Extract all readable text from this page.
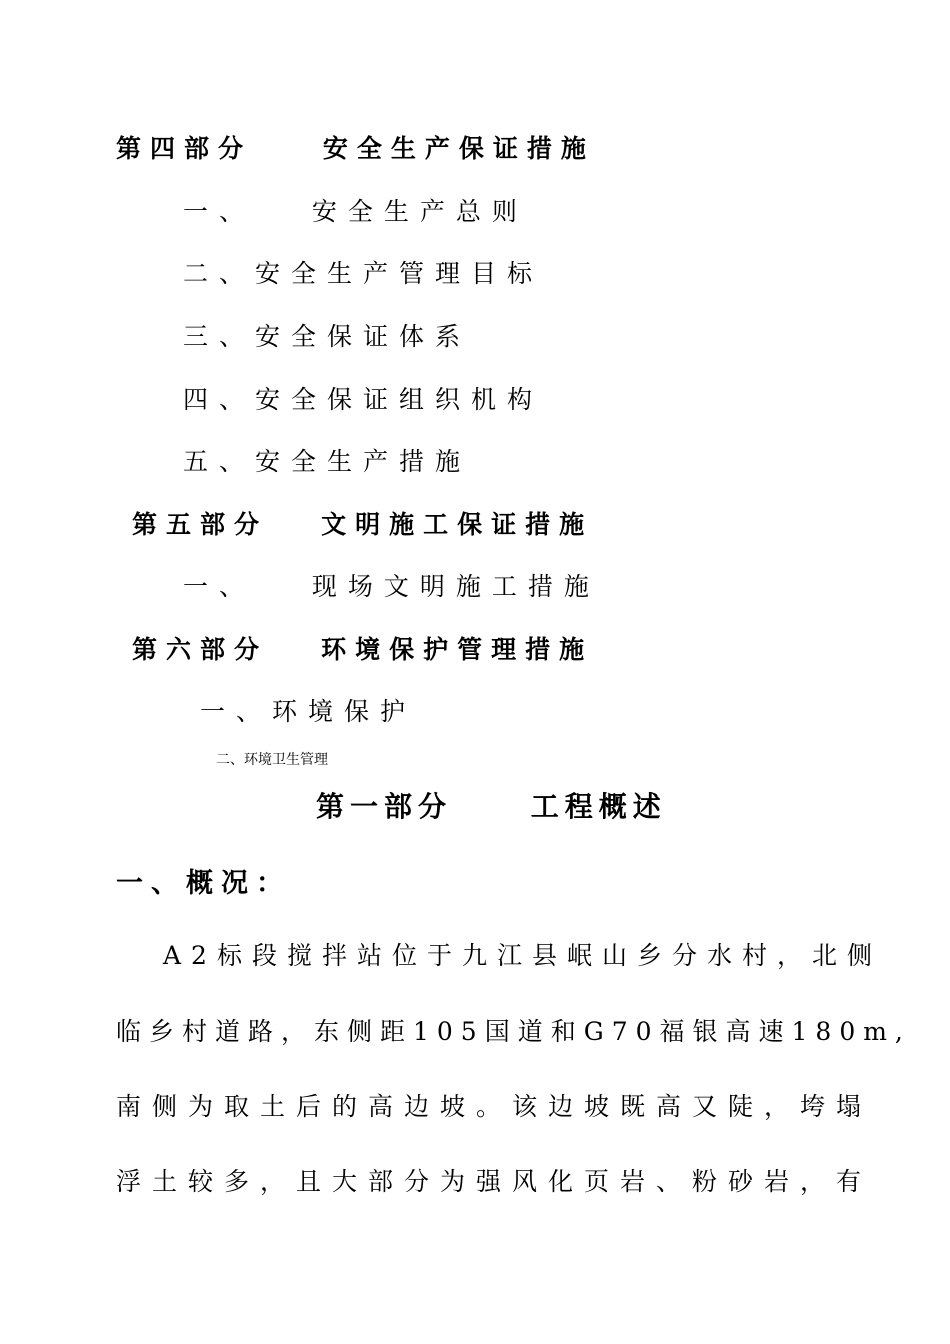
第四部分    安全生产保证措施
一、   安全生产总则
二、安全生产管理目标
三、安全保证体系
四、安全保证组织机构
五、安全生产措施
第五部分   文明施工保证措施
一、   现场文明施工措施
第六部分   环境保护管理措施
一、环境保护
二、环境卫生管理
第一部分     工程概述
一、概况：
A2标段搅拌站位于九江县岷山乡分水村，北侧
临乡村道路，东侧距105国道和G70福银高速180m,
南侧为取土后的高边坡。该边坡既高又陡，垮塌
浮土较多，且大部分为强风化页岩、粉砂岩，有
